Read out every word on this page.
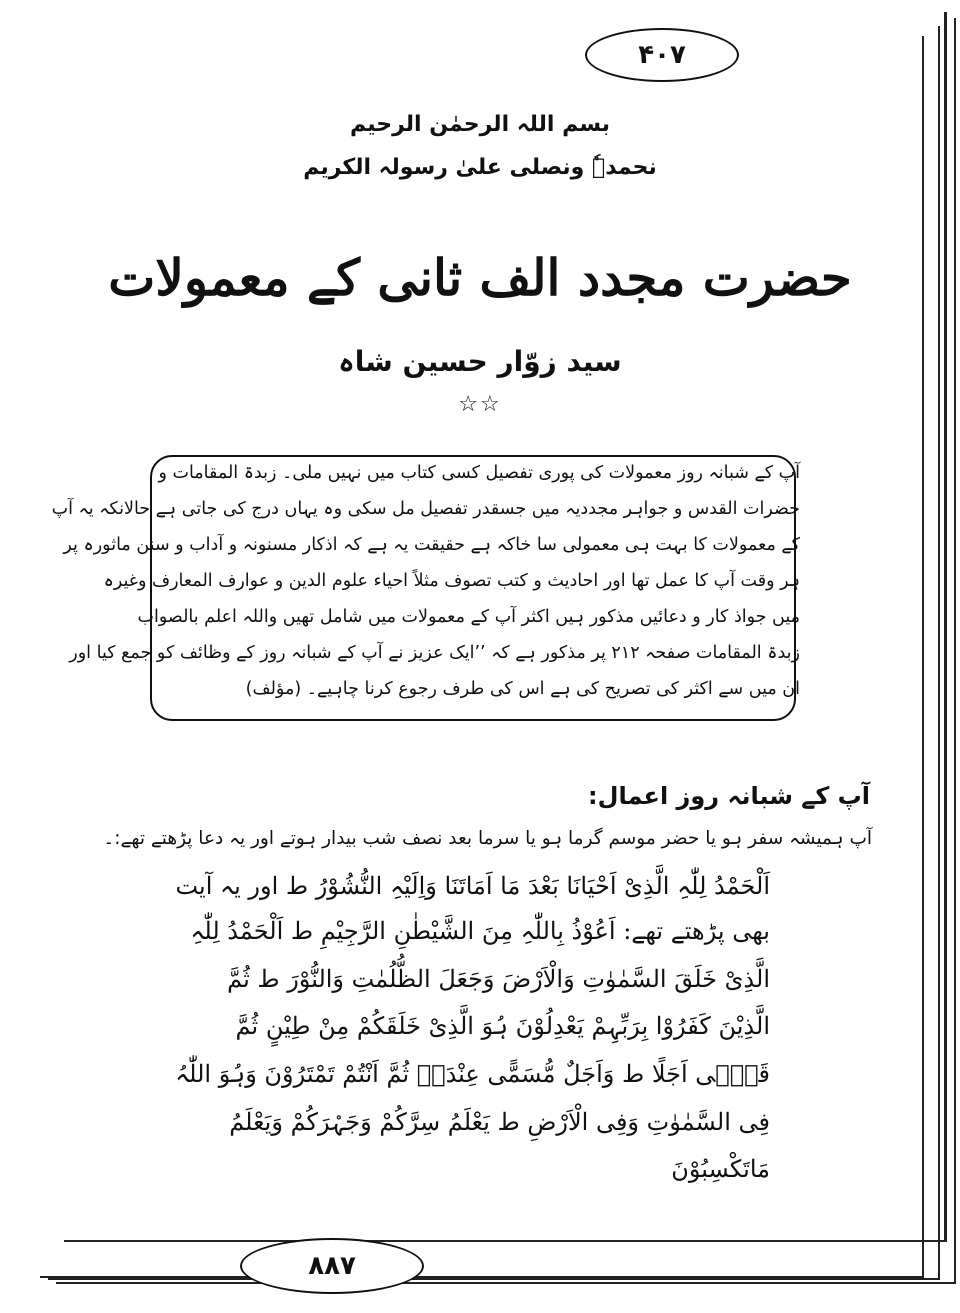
۴۰۷
بسم اللہ الرحمٰن الرحیم
نحمدہٗ ونصلی علیٰ رسولہ الکریم
حضرت مجدد الف ثانی کے معمولات
سید زوّار حسین شاہ
☆☆
آپ کے شبانہ روز معمولات کی پوری تفصیل کسی کتاب میں نہیں ملی۔ زبدۃ المقامات و
حضرات القدس و جواہر مجددیہ میں جسقدر تفصیل مل سکی وہ یہاں درج کی جاتی ہے حالانکہ یہ آپ
کے معمولات کا بہت ہی معمولی سا خاکہ ہے حقیقت یہ ہے کہ اذکار مسنونہ و آداب و سنن ماثورہ پر
ہر وقت آپ کا عمل تھا اور احادیث و کتب تصوف مثلاً احیاء علوم الدین و عوارف المعارف وغیرہ
میں جواذ کار و دعائیں مذکور ہیں اکثر آپ کے معمولات میں شامل تھیں واللہ اعلم بالصواب
زبدۃ المقامات صفحہ ۲۱۲ پر مذکور ہے کہ ’’ایک عزیز نے آپ کے شبانہ روز کے وظائف کو جمع کیا اور
ان میں سے اکثر کی تصریح کی ہے اس کی طرف رجوع کرنا چاہیے۔ (مؤلف)
آپ کے شبانہ روز اعمال:
آپ ہمیشہ سفر ہو یا حضر موسم گرما ہو یا سرما بعد نصف شب بیدار ہوتے اور یہ دعا پڑھتے تھے:۔
اَلْحَمْدُ لِلّٰہِ الَّذِیْ اَحْیَانَا بَعْدَ مَا اَمَاتَنَا وَاِلَیْہِ النُّشُوْرُ ط اور یہ آیت
بھی پڑھتے تھے: اَعُوْذُ بِاللّٰہِ مِنَ الشَّیْطٰنِ الرَّجِیْمِ ط اَلْحَمْدُ لِلّٰہِ
الَّذِیْ خَلَقَ السَّمٰوٰتِ وَالْاَرْضَ وَجَعَلَ الظُّلُمٰتِ وَالنُّوْرَ ط ثُمَّ
الَّذِیْنَ کَفَرُوْا بِرَبِّہِمْ یَعْدِلُوْنَ ہُوَ الَّذِیْ خَلَقَکُمْ مِنْ طِیْنٍ ثُمَّ
قَضٰۤی اَجَلًا ط وَاَجَلٌ مُّسَمًّی عِنْدَہٗ ثُمَّ اَنْتُمْ تَمْتَرُوْنَ وَہُوَ اللّٰہُ
فِی السَّمٰوٰتِ وَفِی الْاَرْضِ ط یَعْلَمُ سِرَّکُمْ وَجَہْرَکُمْ وَیَعْلَمُ
مَاتَکْسِبُوْنَ
۸۸۷
